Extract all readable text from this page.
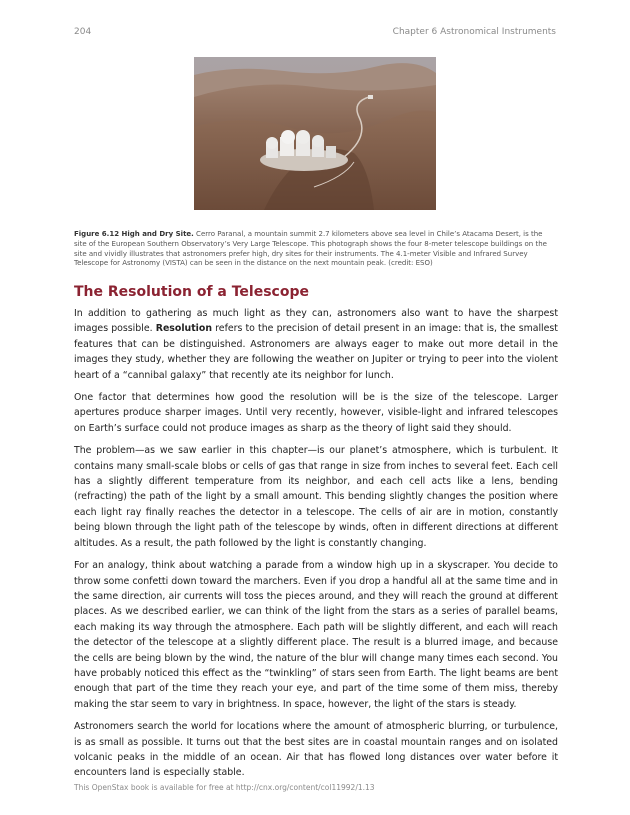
204	Chapter 6 Astronomical Instruments
Figure 6.12 High and Dry Site. Cerro Paranal, a mountain summit 2.7 kilometers above sea level in Chile’s Atacama Desert, is the site of the European Southern Observatory’s Very Large Telescope. This photograph shows the four 8-meter telescope buildings on the site and vividly illustrates that astronomers prefer high, dry sites for their instruments. The 4.1-meter Visible and Infrared Survey Telescope for Astronomy (VISTA) can be seen in the distance on the next mountain peak. (credit: ESO)
The Resolution of a Telescope

In addition to gathering as much light as they can, astronomers also want to have the sharpest images possible. Resolution refers to the precision of detail present in an image: that is, the smallest features that can be distinguished. Astronomers are always eager to make out more detail in the images they study, whether they are following the weather on Jupiter or trying to peer into the violent heart of a “cannibal galaxy” that recently ate its neighbor for lunch.

One factor that determines how good the resolution will be is the size of the telescope. Larger apertures produce sharper images. Until very recently, however, visible-light and infrared telescopes on Earth’s surface could not produce images as sharp as the theory of light said they should.

The problem—as we saw earlier in this chapter—is our planet’s atmosphere, which is turbulent. It contains many small-scale blobs or cells of gas that range in size from inches to several feet. Each cell has a slightly different temperature from its neighbor, and each cell acts like a lens, bending (refracting) the path of the light by a small amount. This bending slightly changes the position where each light ray finally reaches the detector in a telescope. The cells of air are in motion, constantly being blown through the light path of the telescope by winds, often in different directions at different altitudes. As a result, the path followed by the light is constantly changing.

For an analogy, think about watching a parade from a window high up in a skyscraper. You decide to throw some confetti down toward the marchers. Even if you drop a handful all at the same time and in the same direction, air currents will toss the pieces around, and they will reach the ground at different places. As we described earlier, we can think of the light from the stars as a series of parallel beams, each making its way through the atmosphere. Each path will be slightly different, and each will reach the detector of the telescope at a slightly different place. The result is a blurred image, and because the cells are being blown by the wind, the nature of the blur will change many times each second. You have probably noticed this effect as the “twinkling” of stars seen from Earth. The light beams are bent enough that part of the time they reach your eye, and part of the time some of them miss, thereby making the star seem to vary in brightness. In space, however, the light of the stars is steady.

Astronomers search the world for locations where the amount of atmospheric blurring, or turbulence, is as small as possible. It turns out that the best sites are in coastal mountain ranges and on isolated volcanic peaks in the middle of an ocean. Air that has flowed long distances over water before it encounters land is especially stable.

This OpenStax book is available for free at http://cnx.org/content/col11992/1.13
